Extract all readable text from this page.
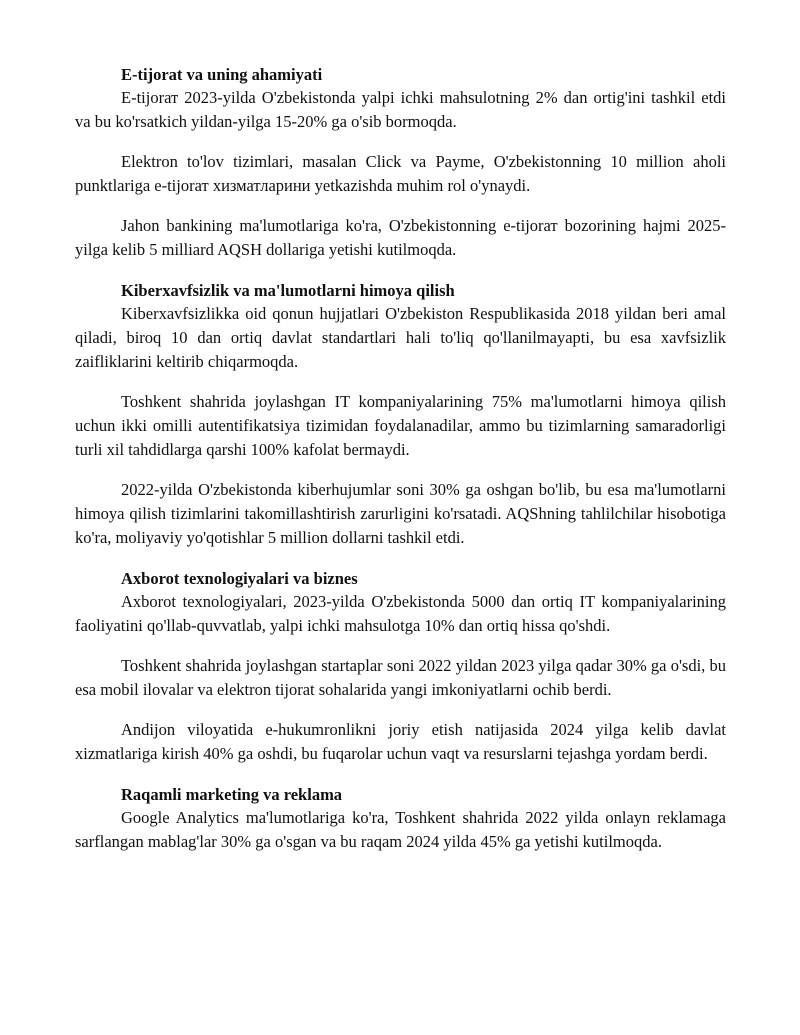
E-tijorat va uning ahamiyati

E-tijorат 2023-yilda O'zbekistonda yalpi ichki mahsulotning 2% dan ortig'ini tashkil etdi va bu ko'rsatkich yildan-yilga 15-20% ga o'sib bormoqda.

Elektron to'lov tizimlari, masalan Click va Payme, O'zbekistonning 10 million aholi punktlariga e-tijorат хизматларини yetkazishda muhim rol o'ynaydi.

Jahon bankining ma'lumotlariga ko'ra, O'zbekistonning e-tijorат bozorining hajmi 2025-yilga kelib 5 milliard AQSH dollariga yetishi kutilmoqda.

Kiberxavfsizlik va ma'lumotlarni himoya qilish

Kiberxavfsizlikka oid qonun hujjatlari O'zbekiston Respublikasida 2018 yildan beri amal qiladi, biroq 10 dan ortiq davlat standartlari hali to'liq qo'llanilmayapti, bu esa xavfsizlik zaifliklarini keltirib chiqarmoqda.

Toshkent shahrida joylashgan IT kompaniyalarining 75% ma'lumotlarni himoya qilish uchun ikki omilli autentifikatsiya tizimidan foydalanadilar, ammo bu tizimlarning samaradorligi turli xil tahdidlarga qarshi 100% kafolat bermaydi.

2022-yilda O'zbekistonda kiberhujumlar soni 30% ga oshgan bo'lib, bu esa ma'lumotlarni himoya qilish tizimlarini takomillashtirish zarurligini ko'rsatadi. AQShning tahlilchilar hisobotiga ko'ra, moliyaviy yo'qotishlar 5 million dollarni tashkil etdi.

Axborot texnologiyalari va biznes

Axborot texnologiyalari, 2023-yilda O'zbekistonda 5000 dan ortiq IT kompaniyalarining faoliyatini qo'llab-quvvatlab, yalpi ichki mahsulotga 10% dan ortiq hissa qo'shdi.

Toshkent shahrida joylashgan startaplar soni 2022 yildan 2023 yilga qadar 30% ga o'sdi, bu esa mobil ilovalar va elektron tijorat sohalarida yangi imkoniyatlarni ochib berdi.

Andijon viloyatida e-hukumronlikni joriy etish natijasida 2024 yilga kelib davlat xizmatlariga kirish 40% ga oshdi, bu fuqarolar uchun vaqt va resurslarni tejashga yordam berdi.

Raqamli marketing va reklama

Google Analytics ma'lumotlariga ko'ra, Toshkent shahrida 2022 yilda onlayn reklamaga sarflangan mablag'lar 30% ga o'sgan va bu raqam 2024 yilda 45% ga yetishi kutilmoqda.
